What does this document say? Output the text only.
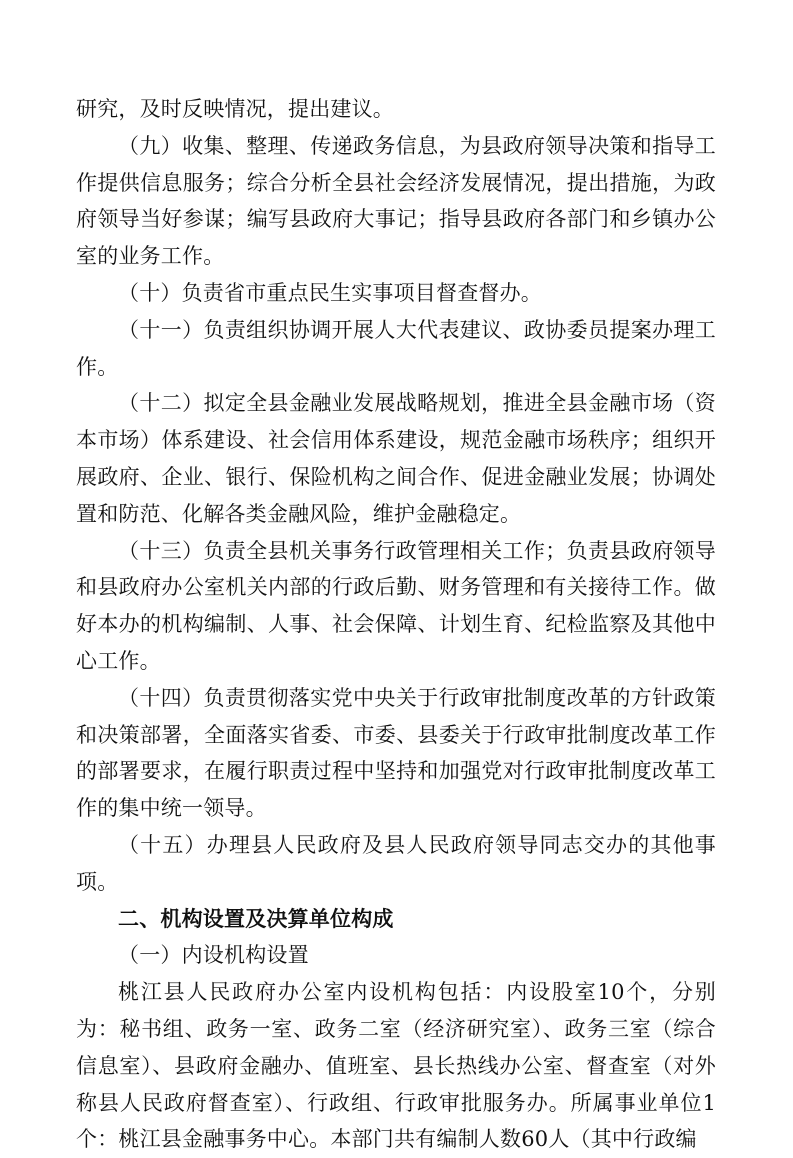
研究，及时反映情况，提出建议。

（九）收集、整理、传递政务信息，为县政府领导决策和指导工作提供信息服务；综合分析全县社会经济发展情况，提出措施，为政府领导当好参谋；编写县政府大事记；指导县政府各部门和乡镇办公室的业务工作。

（十）负责省市重点民生实事项目督查督办。

（十一）负责组织协调开展人大代表建议、政协委员提案办理工作。

（十二）拟定全县金融业发展战略规划，推进全县金融市场（资本市场）体系建设、社会信用体系建设，规范金融市场秩序；组织开展政府、企业、银行、保险机构之间合作、促进金融业发展；协调处置和防范、化解各类金融风险，维护金融稳定。

（十三）负责全县机关事务行政管理相关工作；负责县政府领导和县政府办公室机关内部的行政后勤、财务管理和有关接待工作。做好本办的机构编制、人事、社会保障、计划生育、纪检监察及其他中心工作。

（十四）负责贯彻落实党中央关于行政审批制度改革的方针政策和决策部署，全面落实省委、市委、县委关于行政审批制度改革工作的部署要求，在履行职责过程中坚持和加强党对行政审批制度改革工作的集中统一领导。

（十五）办理县人民政府及县人民政府领导同志交办的其他事项。

二、机构设置及决算单位构成

（一）内设机构设置

桃江县人民政府办公室内设机构包括：内设股室10个，分别为：秘书组、政务一室、政务二室（经济研究室）、政务三室（综合信息室）、县政府金融办、值班室、县长热线办公室、督查室（对外称县人民政府督查室）、行政组、行政审批服务办。所属事业单位1个：桃江县金融事务中心。本部门共有编制人数60人（其中行政编
